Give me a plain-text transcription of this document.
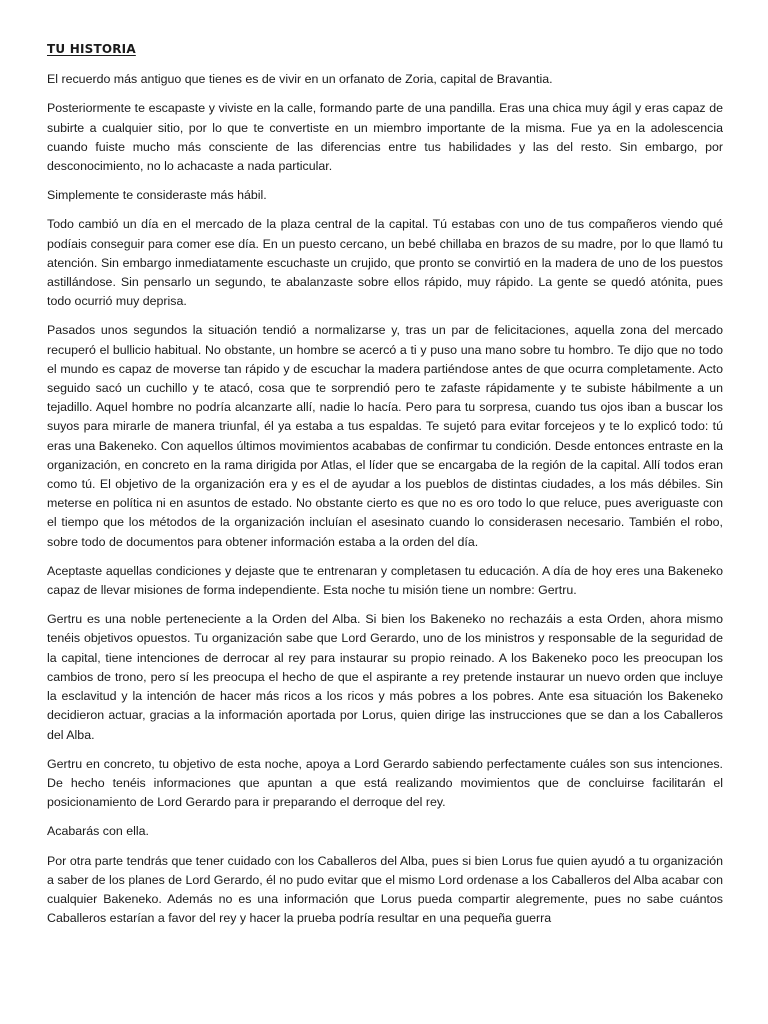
TU HISTORIA

El recuerdo más antiguo que tienes es de vivir en un orfanato de Zoria, capital de Bravantia.

Posteriormente te escapaste y viviste en la calle, formando parte de una pandilla. Eras una chica muy ágil y eras capaz de subirte a cualquier sitio, por lo que te convertiste en un miembro importante de la misma. Fue ya en la adolescencia cuando fuiste mucho más consciente de las diferencias entre tus habilidades y las del resto. Sin embargo, por desconocimiento, no lo achacaste a nada particular.

Simplemente te consideraste más hábil.

Todo cambió un día en el mercado de la plaza central de la capital. Tú estabas con uno de tus compañeros viendo qué podíais conseguir para comer ese día. En un puesto cercano, un bebé chillaba en brazos de su madre, por lo que llamó tu atención. Sin embargo inmediatamente escuchaste un crujido, que pronto se convirtió en la madera de uno de los puestos astillándose. Sin pensarlo un segundo, te abalanzaste sobre ellos rápido, muy rápido. La gente se quedó atónita, pues todo ocurrió muy deprisa.

Pasados unos segundos la situación tendió a normalizarse y, tras un par de felicitaciones, aquella zona del mercado recuperó el bullicio habitual. No obstante, un hombre se acercó a ti y puso una mano sobre tu hombro. Te dijo que no todo el mundo es capaz de moverse tan rápido y de escuchar la madera partiéndose antes de que ocurra completamente. Acto seguido sacó un cuchillo y te atacó, cosa que te sorprendió pero te zafaste rápidamente y te subiste hábilmente a un tejadillo. Aquel hombre no podría alcanzarte allí, nadie lo hacía. Pero para tu sorpresa, cuando tus ojos iban a buscar los suyos para mirarle de manera triunfal, él ya estaba a tus espaldas. Te sujetó para evitar forcejeos y te lo explicó todo: tú eras una Bakeneko. Con aquellos últimos movimientos acababas de confirmar tu condición. Desde entonces entraste en la organización, en concreto en la rama dirigida por Atlas, el líder que se encargaba de la región de la capital. Allí todos eran como tú. El objetivo de la organización era y es el de ayudar a los pueblos de distintas ciudades, a los más débiles. Sin meterse en política ni en asuntos de estado. No obstante cierto es que no es oro todo lo que reluce, pues averiguaste con el tiempo que los métodos de la organización incluían el asesinato cuando lo considerasen necesario. También el robo, sobre todo de documentos para obtener información estaba a la orden del día.

Aceptaste aquellas condiciones y dejaste que te entrenaran y completasen tu educación. A día de hoy eres una Bakeneko capaz de llevar misiones de forma independiente. Esta noche tu misión tiene un nombre: Gertru.

Gertru es una noble perteneciente a la Orden del Alba. Si bien los Bakeneko no rechazáis a esta Orden, ahora mismo tenéis objetivos opuestos. Tu organización sabe que Lord Gerardo, uno de los ministros y responsable de la seguridad de la capital, tiene intenciones de derrocar al rey para instaurar su propio reinado. A los Bakeneko poco les preocupan los cambios de trono, pero sí les preocupa el hecho de que el aspirante a rey pretende instaurar un nuevo orden que incluye la esclavitud y la intención de hacer más ricos a los ricos y más pobres a los pobres. Ante esa situación los Bakeneko decidieron actuar, gracias a la información aportada por Lorus, quien dirige las instrucciones que se dan a los Caballeros del Alba.

Gertru en concreto, tu objetivo de esta noche, apoya a Lord Gerardo sabiendo perfectamente cuáles son sus intenciones. De hecho tenéis informaciones que apuntan a que está realizando movimientos que de concluirse facilitarán el posicionamiento de Lord Gerardo para ir preparando el derroque del rey.

Acabarás con ella.

Por otra parte tendrás que tener cuidado con los Caballeros del Alba, pues si bien Lorus fue quien ayudó a tu organización a saber de los planes de Lord Gerardo, él no pudo evitar que el mismo Lord ordenase a los Caballeros del Alba acabar con cualquier Bakeneko. Además no es una información que Lorus pueda compartir alegremente, pues no sabe cuántos Caballeros estarían a favor del rey y hacer la prueba podría resultar en una pequeña guerra
